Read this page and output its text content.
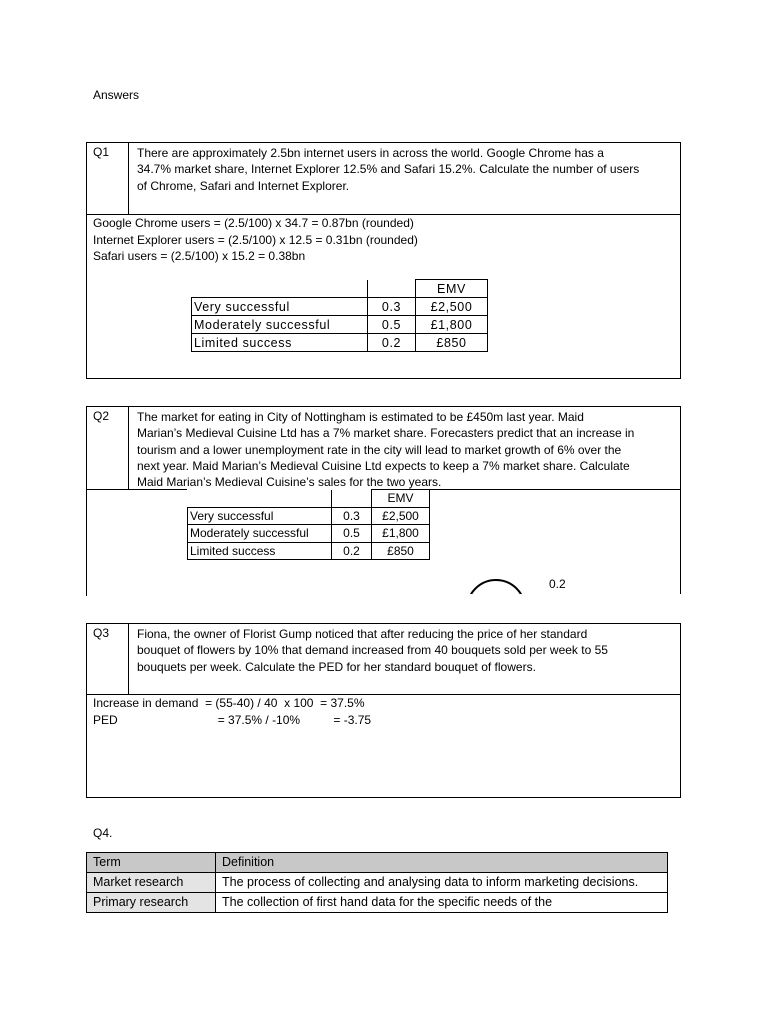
Answers
Q1	There are approximately 2.5bn internet users in across the world. Google Chrome has a
34.7% market share, Internet Explorer 12.5% and Safari 15.2%. Calculate the number of users
of Chrome, Safari and Internet Explorer.
Google Chrome users = (2.5/100) x 34.7 = 0.87bn (rounded)
Internet Explorer users = (2.5/100) x 12.5 = 0.31bn (rounded)
Safari users = (2.5/100) x 15.2 = 0.38bn
		EMV
Very successful	0.3	£2,500
Moderately successful	0.5	£1,800
Limited success	0.2	£850
Q2	The market for eating in City of Nottingham is estimated to be £450m last year. Maid
Marian’s Medieval Cuisine Ltd has a 7% market share. Forecasters predict that an increase in
tourism and a lower unemployment rate in the city will lead to market growth of 6% over the
next year. Maid Marian’s Medieval Cuisine Ltd expects to keep a 7% market share. Calculate
Maid Marian’s Medieval Cuisine’s sales for the two years.
		EMV
Very successful	0.3	£2,500
Moderately successful	0.5	£1,800
Limited success	0.2	£850
0.2
Q3	Fiona, the owner of Florist Gump noticed that after reducing the price of her standard
bouquet of flowers by 10% that demand increased from 40 bouquets sold per week to 55
bouquets per week. Calculate the PED for her standard bouquet of flowers.
Increase in demand  = (55-40) / 40  x 100  = 37.5%
PED                              = 37.5% / -10%          = -3.75
Q4.
Term	Definition
Market research	The process of collecting and analysing data to inform marketing decisions.
Primary research	The collection of first hand data for the specific needs of the
